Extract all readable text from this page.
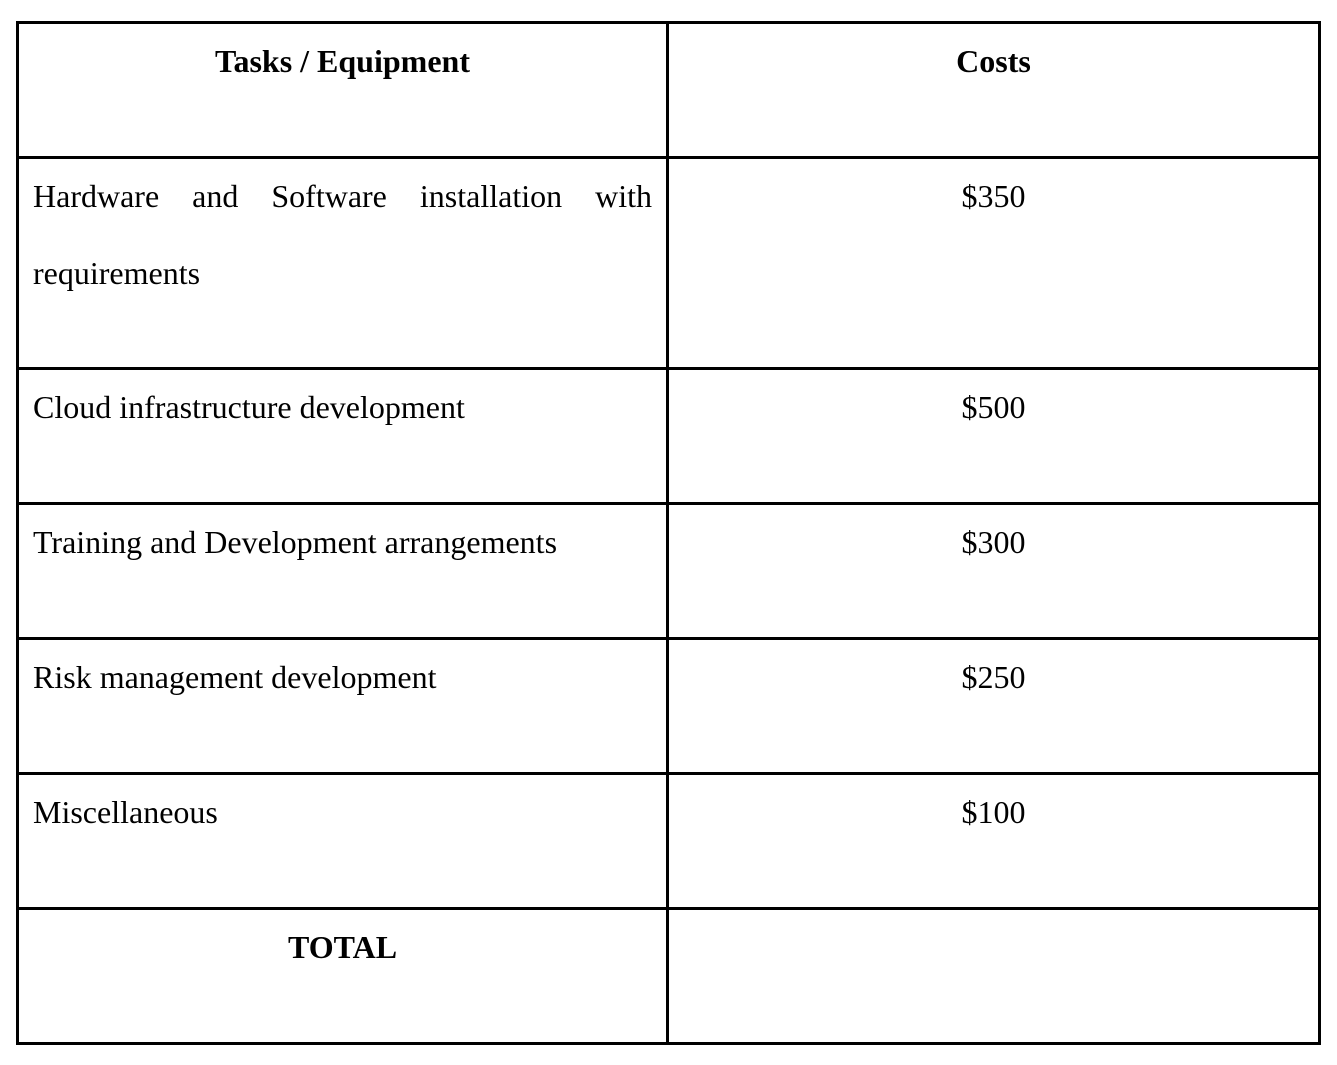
Tasks / Equipment	Costs

Hardware and Software installation with requirements	$350

Cloud infrastructure development	$500

Training and Development arrangements	$300

Risk management development	$250

Miscellaneous	$100

TOTAL	
